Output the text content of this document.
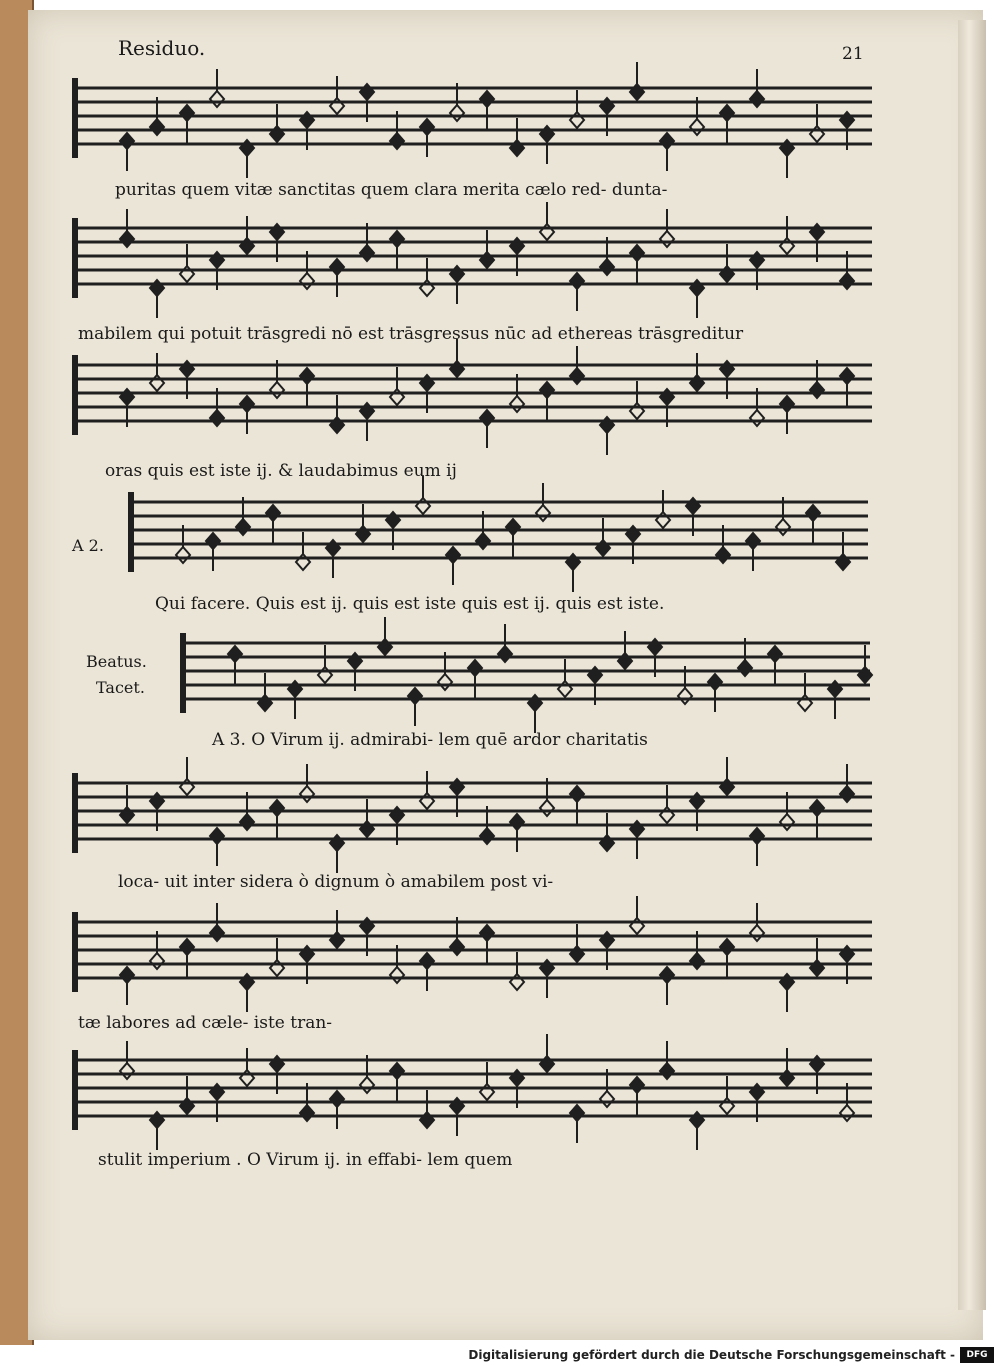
Residuo.	21
puritas quem vitæ sanctitas quem clara merita cælo red- dunta-
mabilem qui potuit trāsgredi nō est trāsgressus nūc ad ethereas trāsgreditur
oras quis est iste ij. & laudabimus eum ij
Qui facere. Quis est ij. quis est iste quis est ij. quis est iste.
A 3. O Virum ij. admirabi- lem quē ardor charitatis
loca- uit inter sidera ò dignum ò amabilem post vi-
tæ labores ad cæle- iste tran-
stulit imperium . O Virum ij. in effabi- lem quem
A 2.
Beatus.
Tacet.
Digitalisierung gefördert durch die Deutsche Forschungsgemeinschaft -	DFG
